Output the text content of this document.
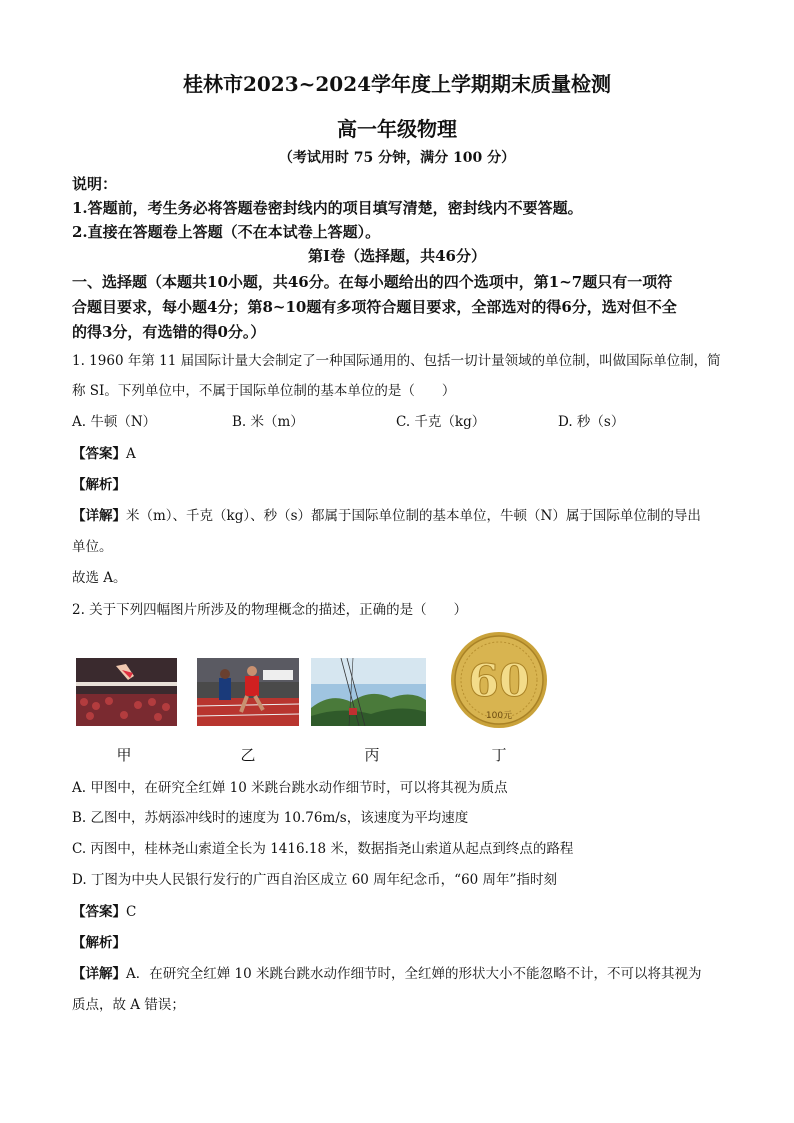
桂林市2023~2024学年度上学期期末质量检测
高一年级物理
（考试用时 75 分钟，满分 100 分）
说明：
1.答题前，考生务必将答题卷密封线内的项目填写清楚，密封线内不要答题。
2.直接在答题卷上答题（不在本试卷上答题）。
第Ⅰ卷（选择题，共46分）
一、选择题（本题共10小题，共46分。在每小题给出的四个选项中，第1~7题只有一项符
合题目要求，每小题4分；第8~10题有多项符合题目要求，全部选对的得6分，选对但不全
的得3分，有选错的得0分。）
1. 1960 年第 11 届国际计量大会制定了一种国际通用的、包括一切计量领域的单位制，叫做国际单位制，简
称 SI。下列单位中，不属于国际单位制的基本单位的是（　　）
A. 牛顿（N）	B. 米（m）	C. 千克（kg）	D. 秒（s）
【答案】A
【解析】
【详解】米（m）、千克（kg）、秒（s）都属于国际单位制的基本单位，牛顿（N）属于国际单位制的导出
单位。
故选 A。
2. 关于下列四幅图片所涉及的物理概念的描述，正确的是（　　）
60
100元
甲	乙	丙	丁
A. 甲图中，在研究全红婵 10 米跳台跳水动作细节时，可以将其视为质点
B. 乙图中，苏炳添冲线时的速度为 10.76m/s，该速度为平均速度
C. 丙图中，桂林尧山索道全长为 1416.18 米，数据指尧山索道从起点到终点的路程
D. 丁图为中央人民银行发行的广西自治区成立 60 周年纪念币，“60 周年”指时刻
【答案】C
【解析】
【详解】A．在研究全红婵 10 米跳台跳水动作细节时，全红婵的形状大小不能忽略不计，不可以将其视为
质点，故 A 错误；
